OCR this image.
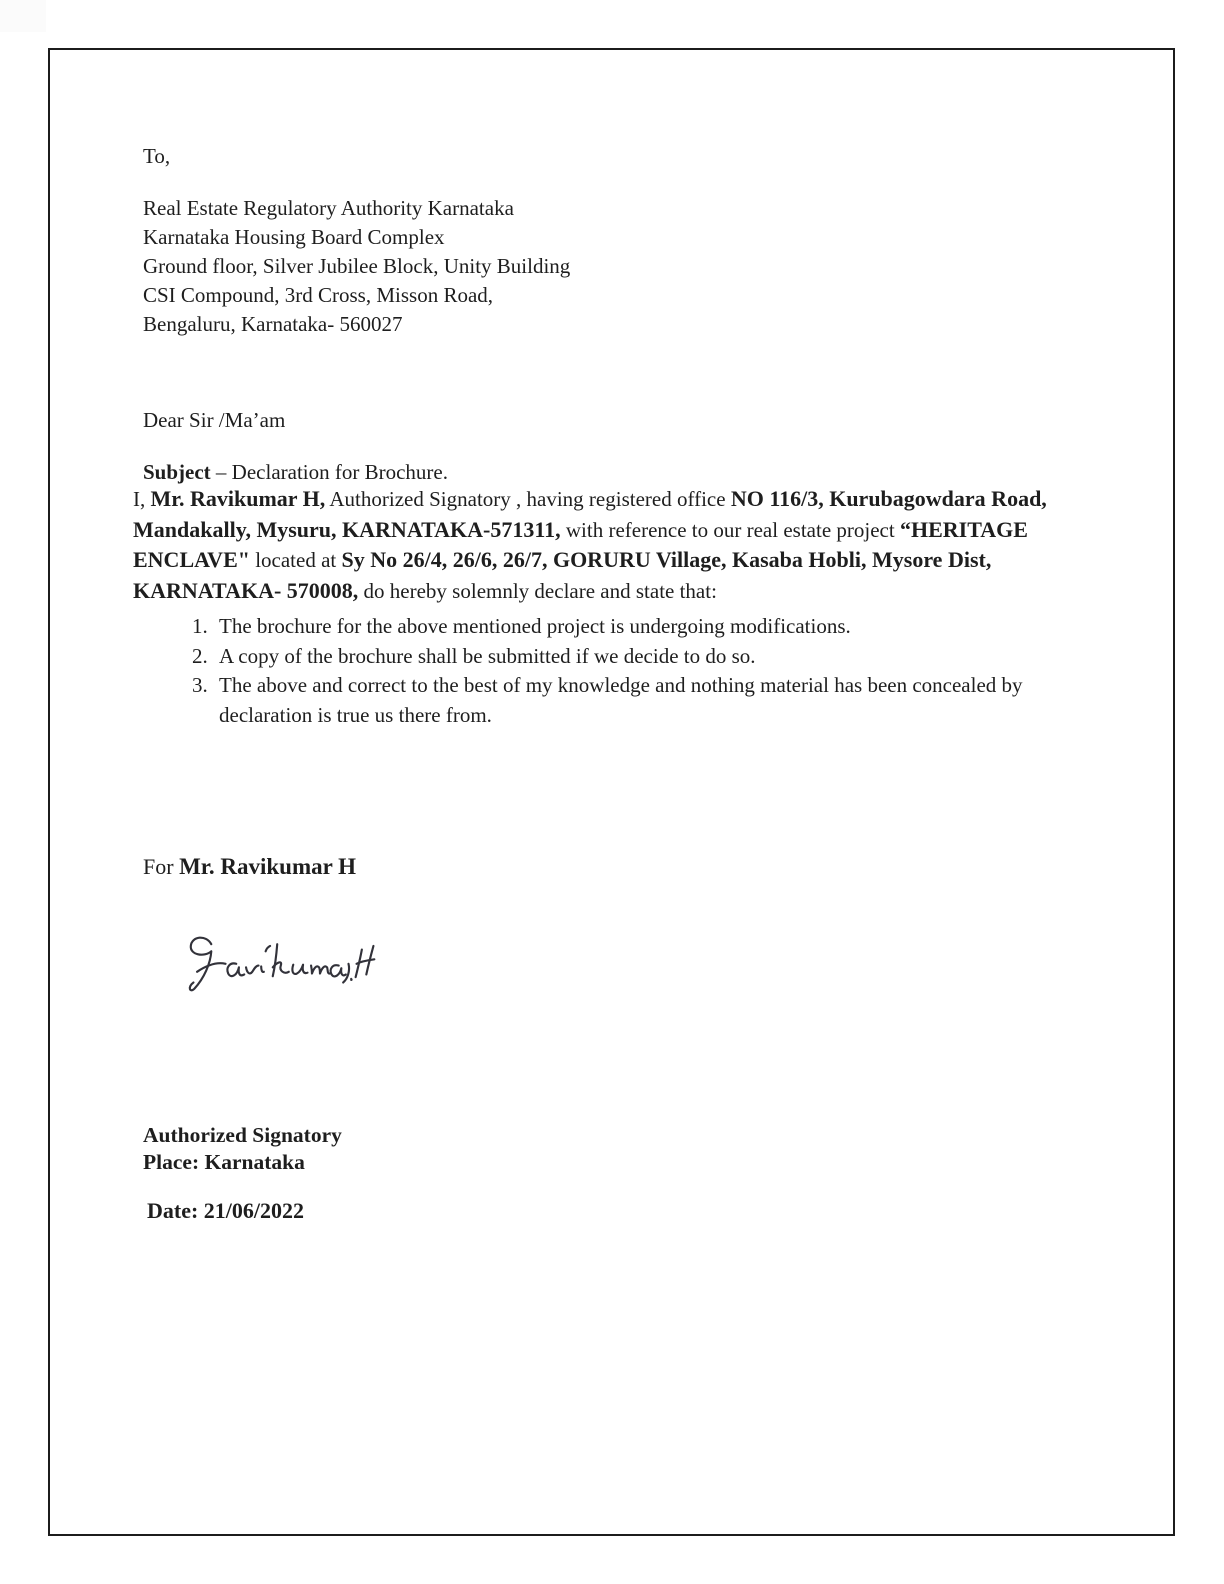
To,
Real Estate Regulatory Authority Karnataka
Karnataka Housing Board Complex
Ground floor, Silver Jubilee Block, Unity Building
CSI Compound, 3rd Cross, Misson Road,
Bengaluru, Karnataka- 560027
Dear Sir /Ma’am
Subject – Declaration for Brochure.
I, Mr. Ravikumar H, Authorized Signatory , having registered office NO 116/3, Kurubagowdara Road, Mandakally, Mysuru, KARNATAKA-571311, with reference to our real estate project “HERITAGE ENCLAVE" located at Sy No 26/4, 26/6, 26/7, GORURU Village, Kasaba Hobli, Mysore Dist, KARNATAKA- 570008, do hereby solemnly declare and state that:
1. The brochure for the above mentioned project is undergoing modifications.
2. A copy of the brochure shall be submitted if we decide to do so.
3. The above and correct to the best of my knowledge and nothing material has been concealed by declaration is true us there from.
For Mr. Ravikumar H
Authorized Signatory
Place: Karnataka
Date: 21/06/2022
